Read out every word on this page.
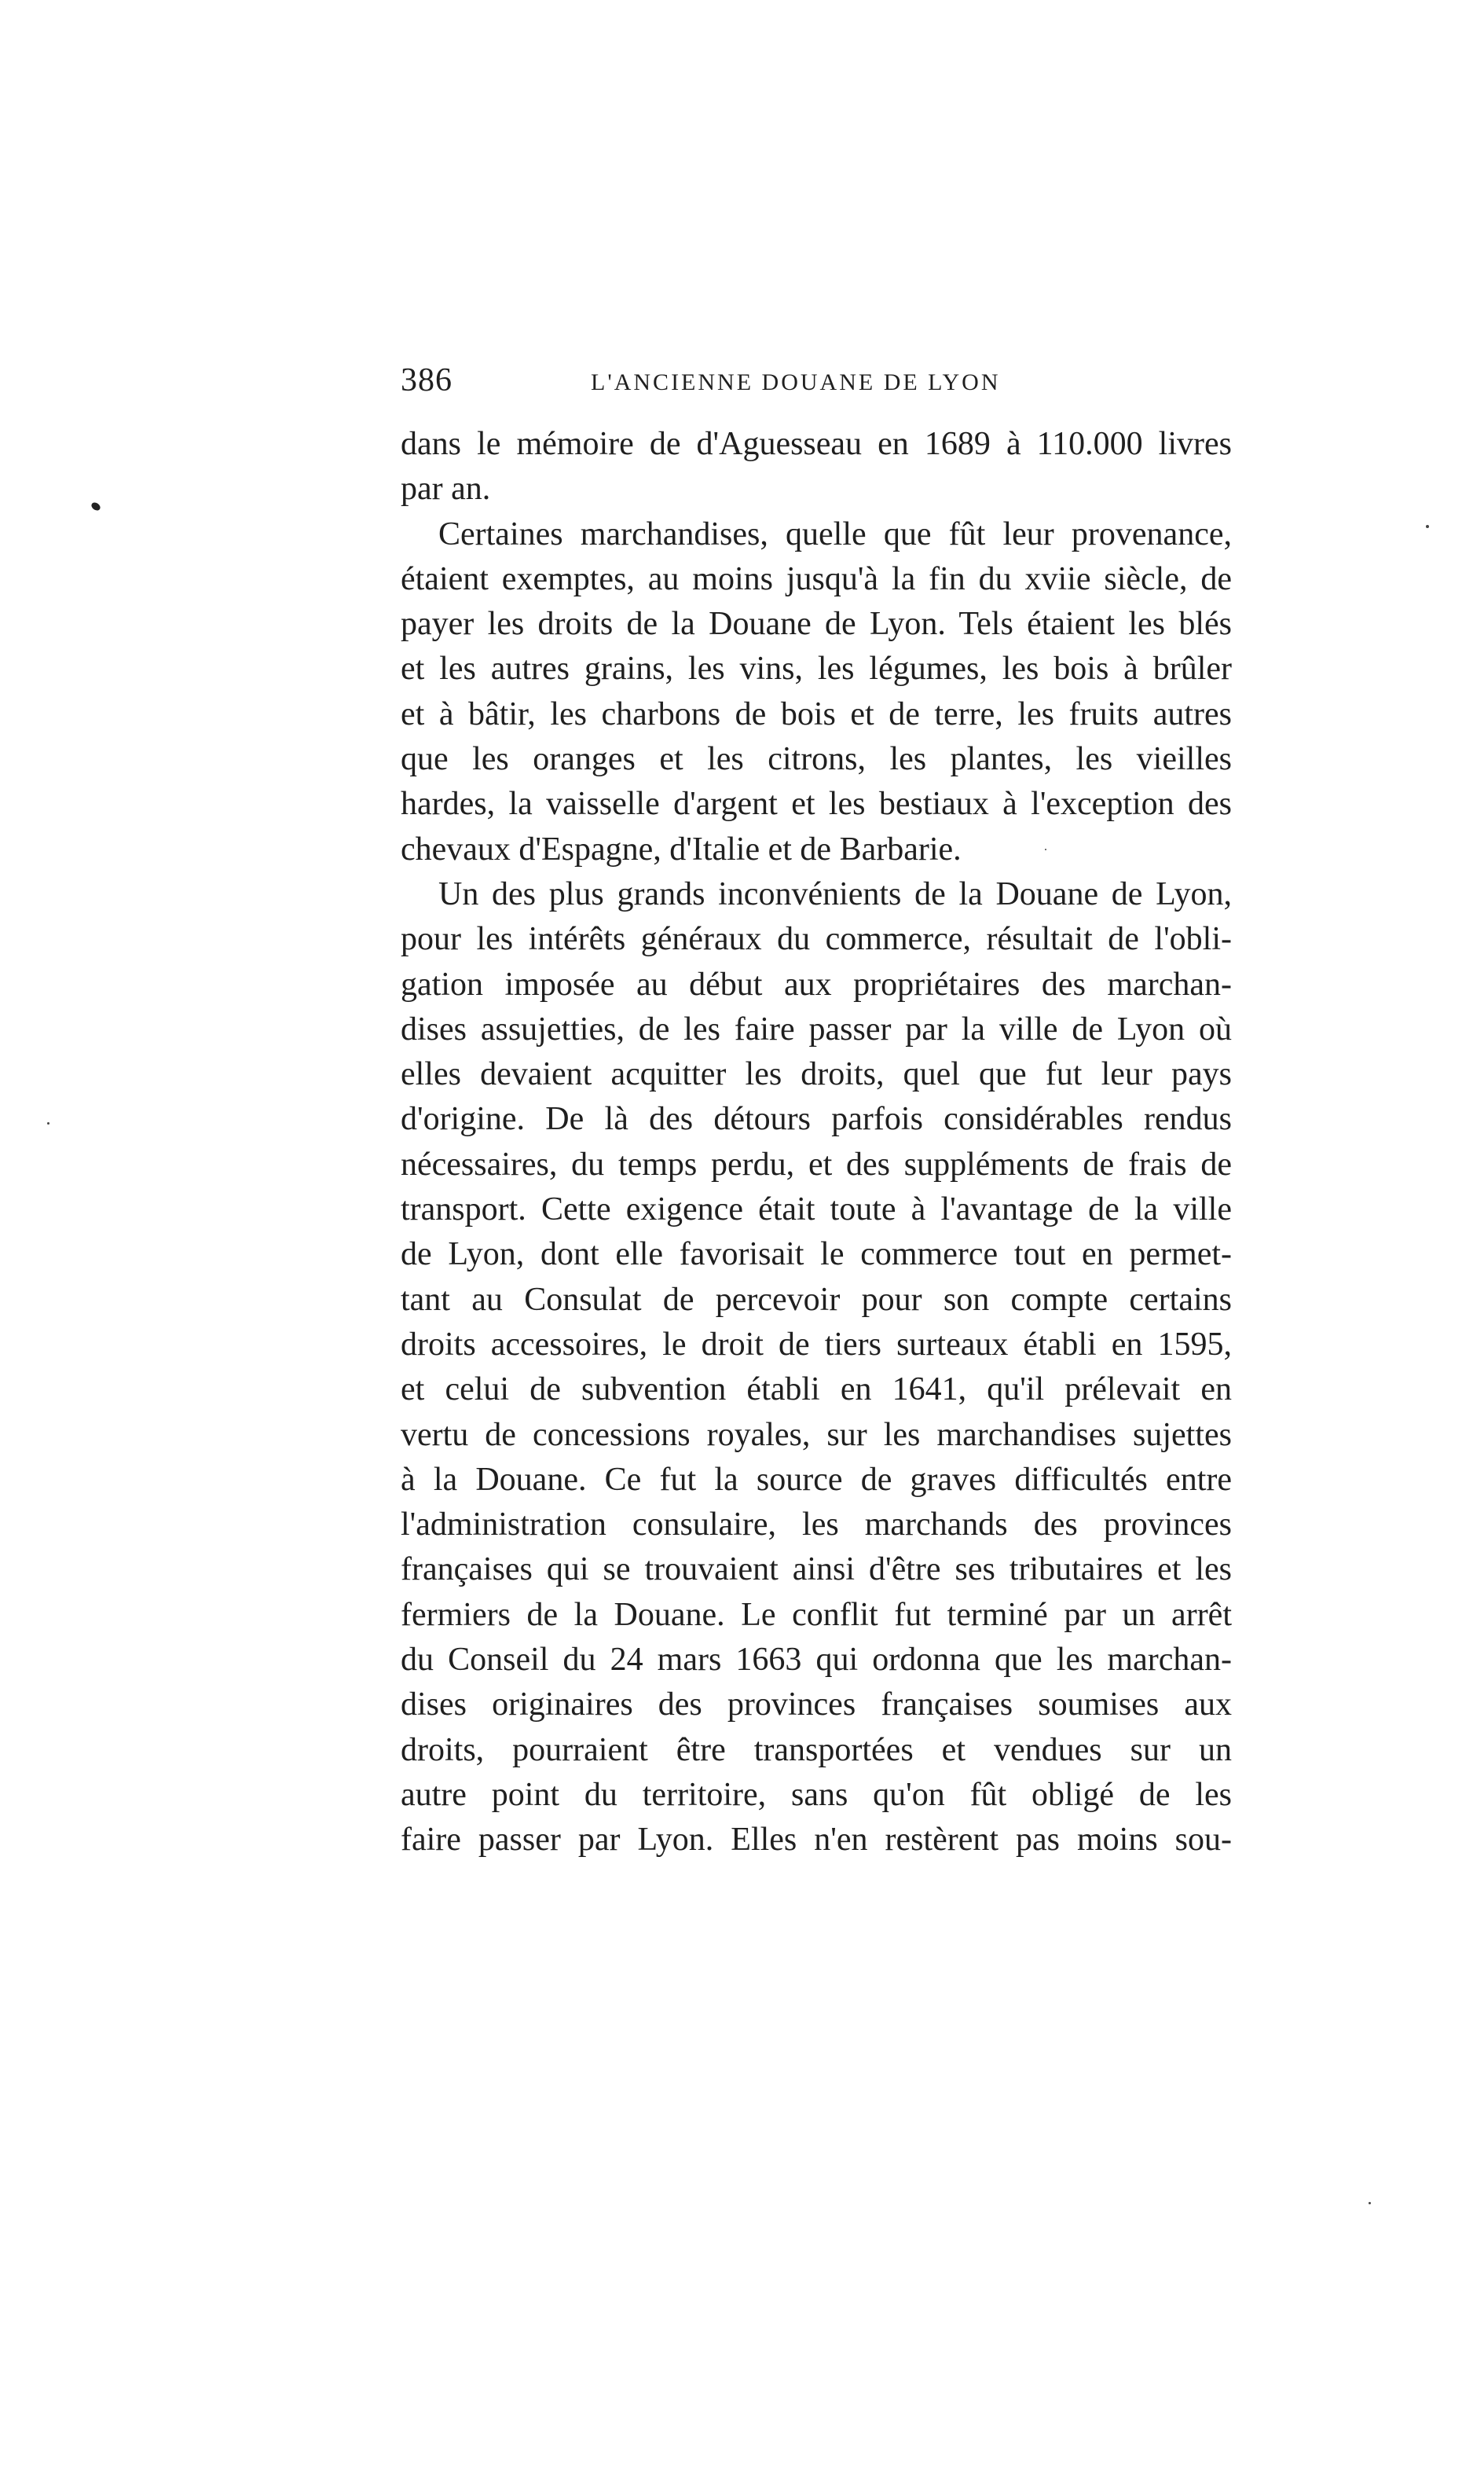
386	L'ANCIENNE DOUANE DE LYON
dans le mémoire de d'Aguesseau en 1689 à 110.000 livres
par an.
Certaines marchandises, quelle que fût leur provenance,
étaient exemptes, au moins jusqu'à la fin du xviie siècle, de
payer les droits de la Douane de Lyon. Tels étaient les blés
et les autres grains, les vins, les légumes, les bois à brûler
et à bâtir, les charbons de bois et de terre, les fruits autres
que les oranges et les citrons, les plantes, les vieilles
hardes, la vaisselle d'argent et les bestiaux à l'exception des
chevaux d'Espagne, d'Italie et de Barbarie.
Un des plus grands inconvénients de la Douane de Lyon,
pour les intérêts généraux du commerce, résultait de l'obli-
gation imposée au début aux propriétaires des marchan-
dises assujetties, de les faire passer par la ville de Lyon où
elles devaient acquitter les droits, quel que fut leur pays
d'origine. De là des détours parfois considérables rendus
nécessaires, du temps perdu, et des suppléments de frais de
transport. Cette exigence était toute à l'avantage de la ville
de Lyon, dont elle favorisait le commerce tout en permet-
tant au Consulat de percevoir pour son compte certains
droits accessoires, le droit de tiers surteaux établi en 1595,
et celui de subvention établi en 1641, qu'il prélevait en
vertu de concessions royales, sur les marchandises sujettes
à la Douane. Ce fut la source de graves difficultés entre
l'administration consulaire, les marchands des provinces
françaises qui se trouvaient ainsi d'être ses tributaires et les
fermiers de la Douane. Le conflit fut terminé par un arrêt
du Conseil du 24 mars 1663 qui ordonna que les marchan-
dises originaires des provinces françaises soumises aux
droits, pourraient être transportées et vendues sur un
autre point du territoire, sans qu'on fût obligé de les
faire passer par Lyon. Elles n'en restèrent pas moins sou-
